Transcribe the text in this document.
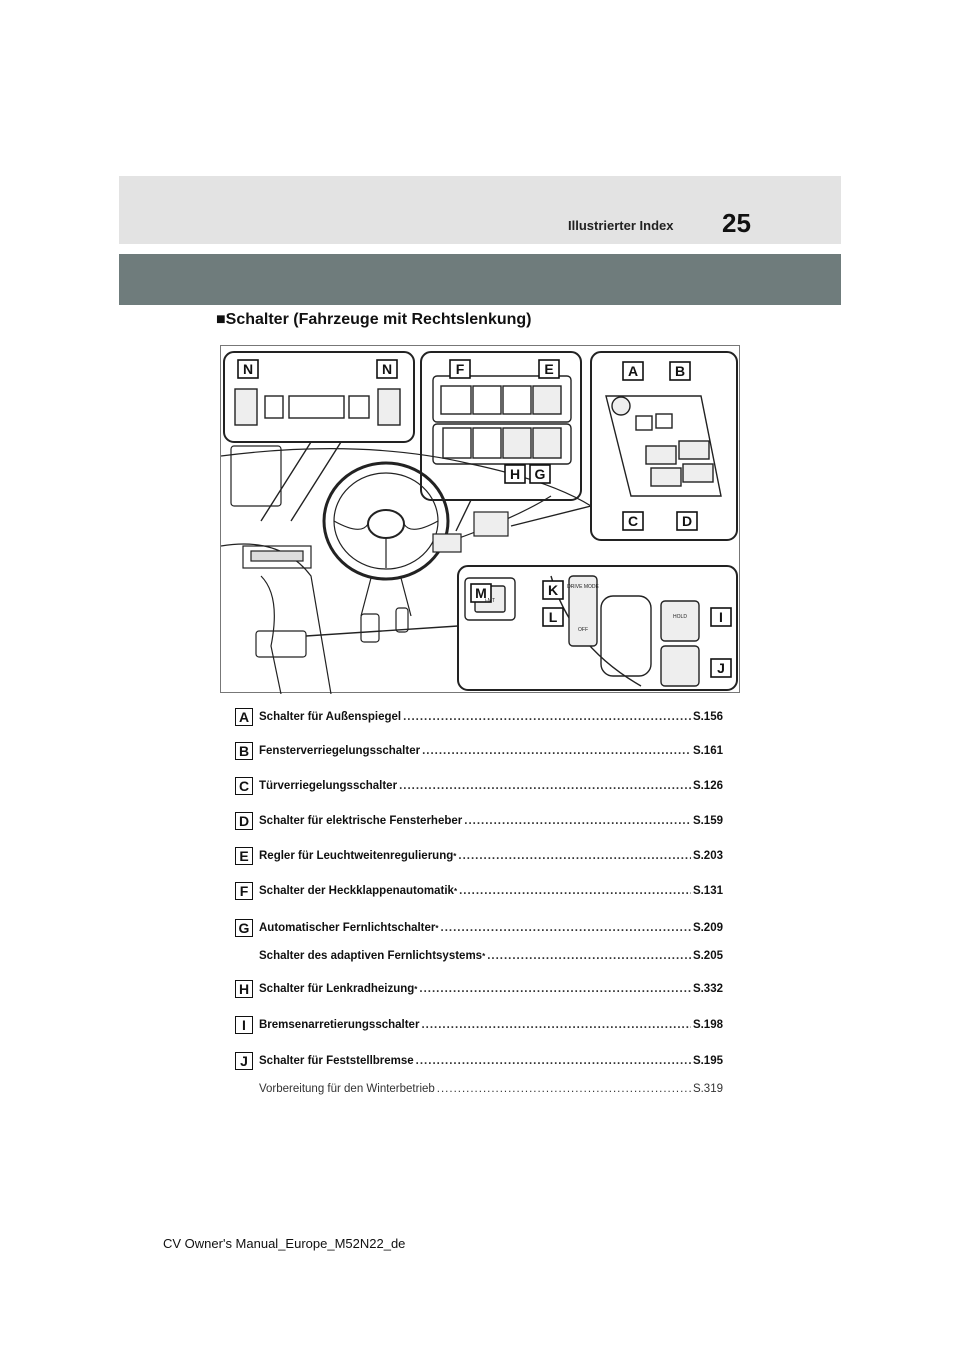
Illustrierter Index 25
■Schalter (Fahrzeuge mit Rechtslenkung)
N	N	F	E
H G
A	B
C	D
M	K
L	I
J
i-MT
DRIVE MODE
OFF
HOLD
A Schalter für Außenspiegel .....	S.156
B Fensterverriegelungsschalter .....	S.161
C Türverriegelungsschalter .....	S.126
D Schalter für elektrische Fensterheber .....	S.159
E Regler für Leuchtweitenregulierung * .....	S.203
F Schalter der Heckklappenautomatik * .....	S.131
G Automatischer Fernlichtschalter * .....	S.209
Schalter des adaptiven Fernlichtsystems * .....	S.205
H Schalter für Lenkradheizung * .....	S.332
I	Bremsenarretierungsschalter .....	S.198
J Schalter für Feststellbremse .....	S.195
Vorbereitung für den Winterbetrieb .....	S.319
CV Owner's Manual_Europe_M52N22_de
